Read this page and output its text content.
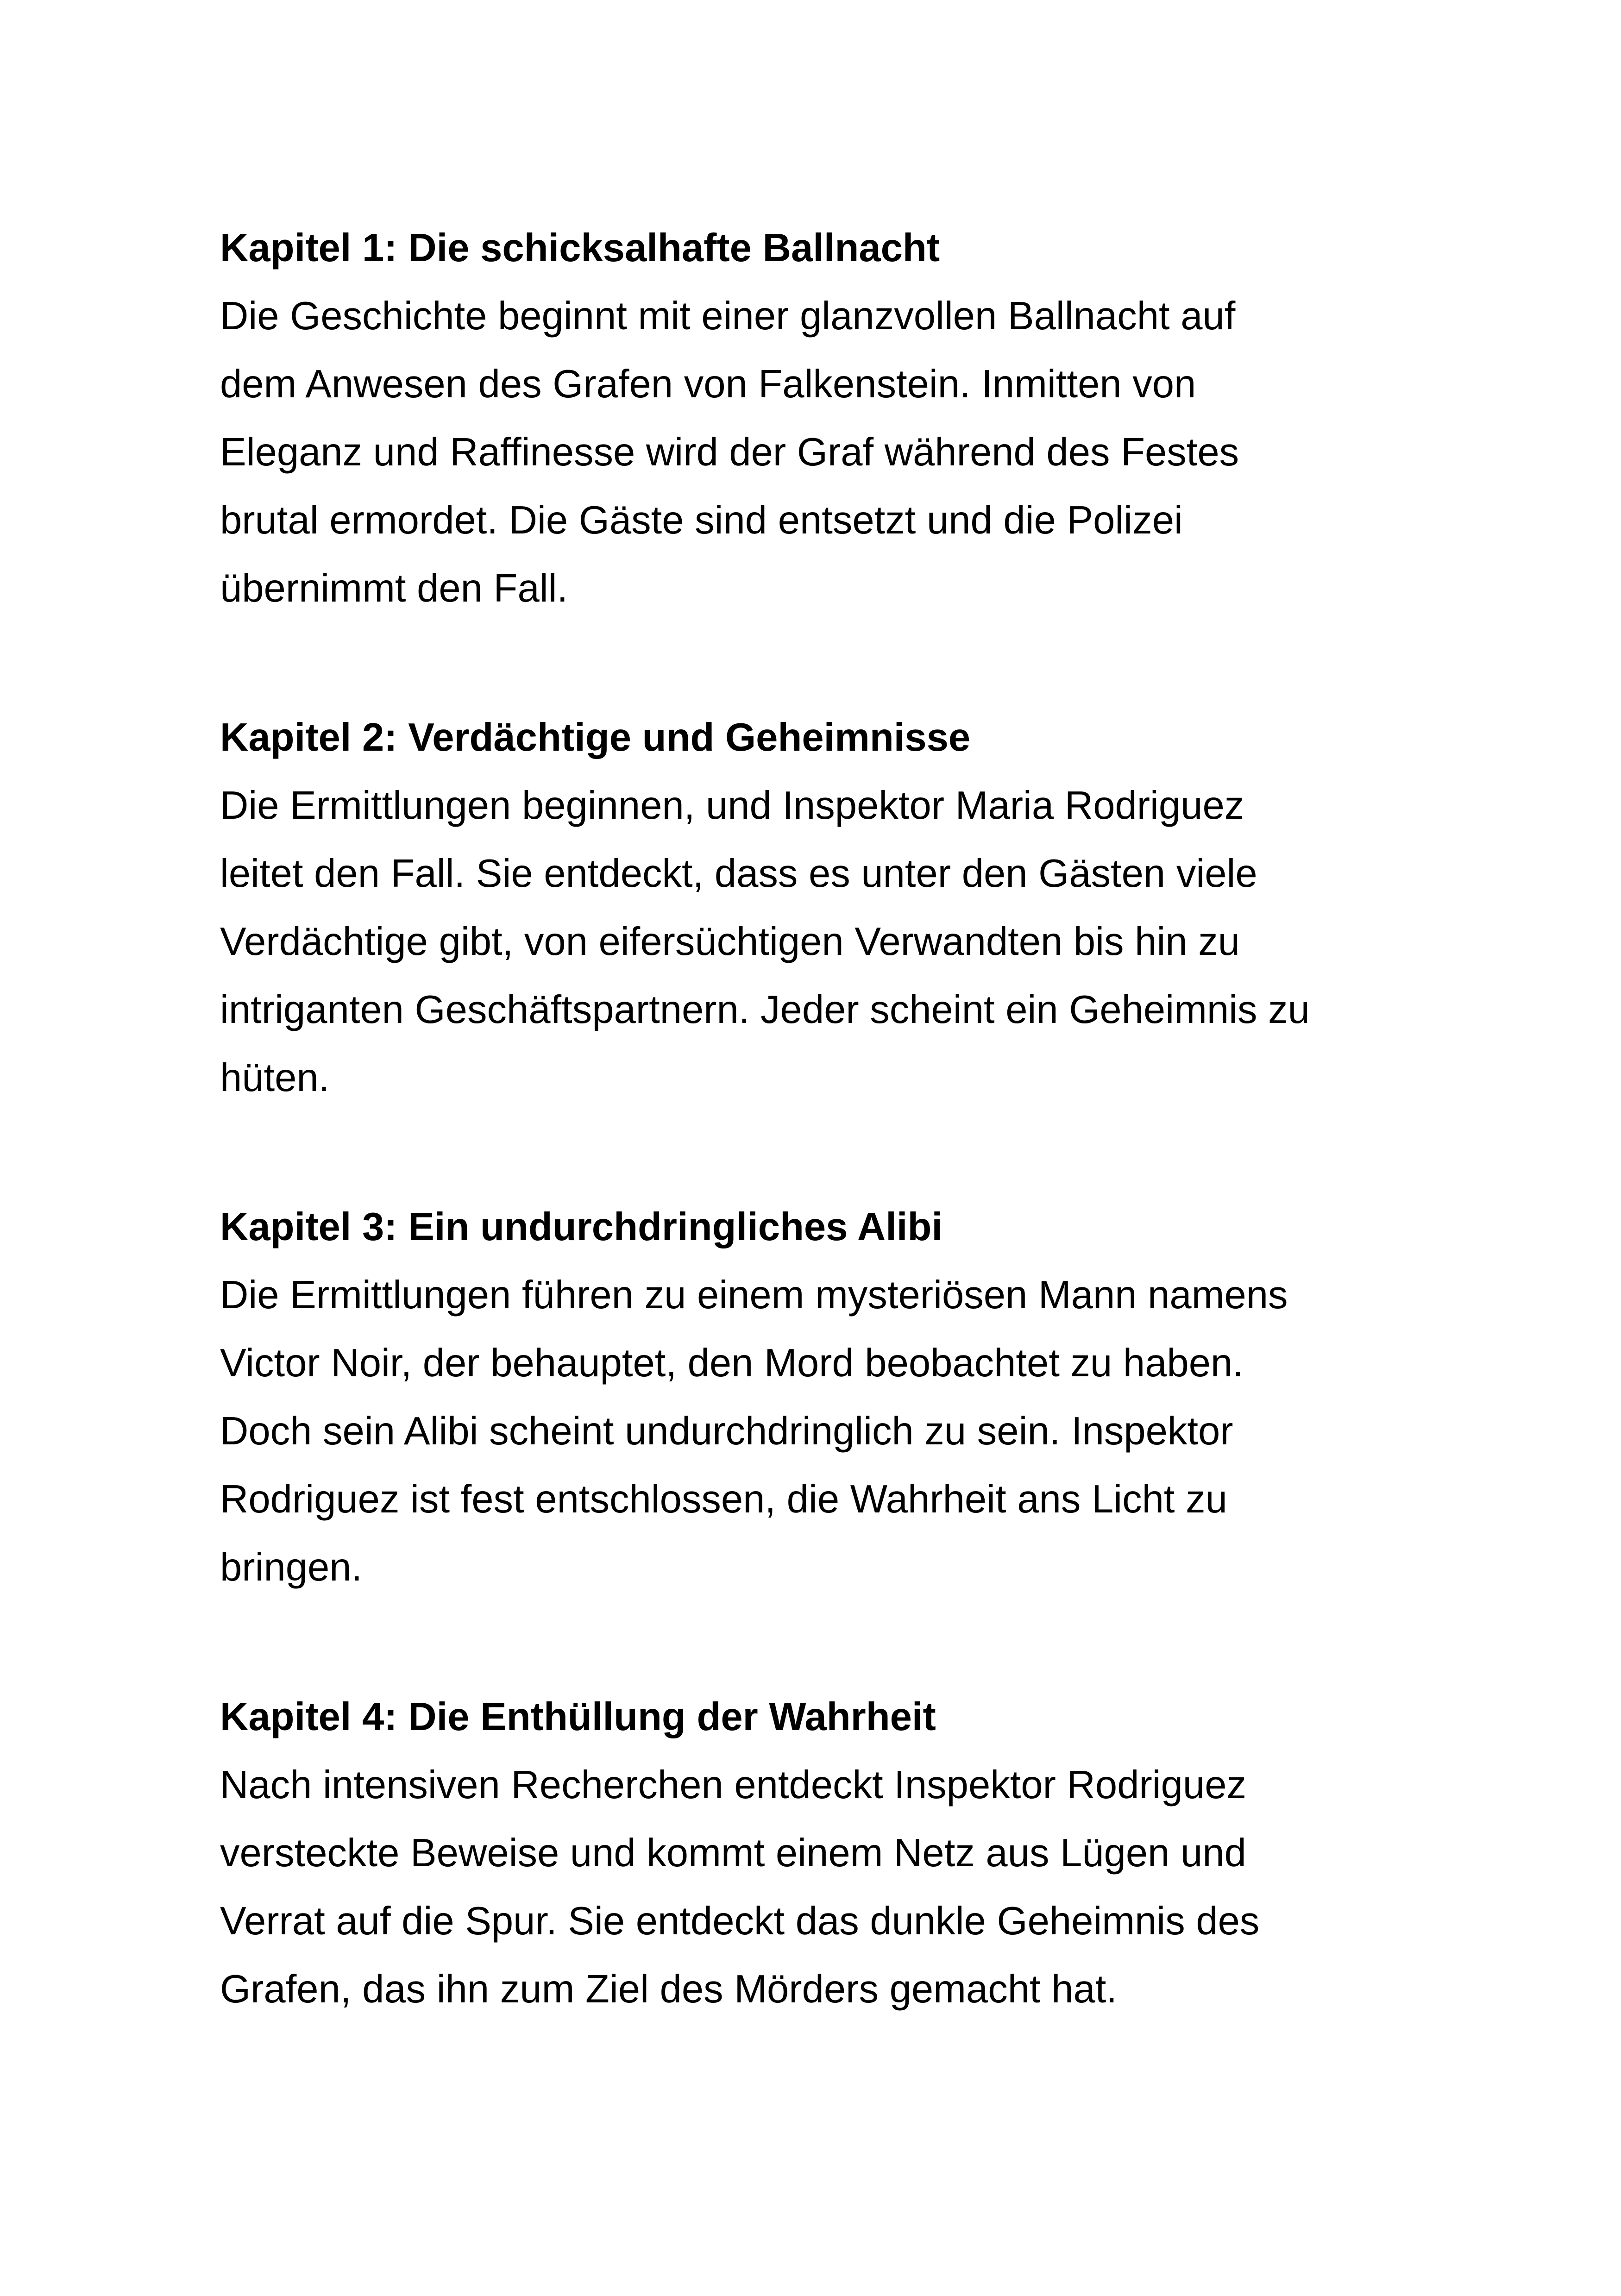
Kapitel 1: Die schicksalhafte Ballnacht
Die Geschichte beginnt mit einer glanzvollen Ballnacht auf
dem Anwesen des Grafen von Falkenstein. Inmitten von
Eleganz und Raffinesse wird der Graf während des Festes
brutal ermordet. Die Gäste sind entsetzt und die Polizei
übernimmt den Fall.
Kapitel 2: Verdächtige und Geheimnisse
Die Ermittlungen beginnen, und Inspektor Maria Rodriguez
leitet den Fall. Sie entdeckt, dass es unter den Gästen viele
Verdächtige gibt, von eifersüchtigen Verwandten bis hin zu
intriganten Geschäftspartnern. Jeder scheint ein Geheimnis zu
hüten.
Kapitel 3: Ein undurchdringliches Alibi
Die Ermittlungen führen zu einem mysteriösen Mann namens
Victor Noir, der behauptet, den Mord beobachtet zu haben.
Doch sein Alibi scheint undurchdringlich zu sein. Inspektor
Rodriguez ist fest entschlossen, die Wahrheit ans Licht zu
bringen.
Kapitel 4: Die Enthüllung der Wahrheit
Nach intensiven Recherchen entdeckt Inspektor Rodriguez
versteckte Beweise und kommt einem Netz aus Lügen und
Verrat auf die Spur. Sie entdeckt das dunkle Geheimnis des
Grafen, das ihn zum Ziel des Mörders gemacht hat.
